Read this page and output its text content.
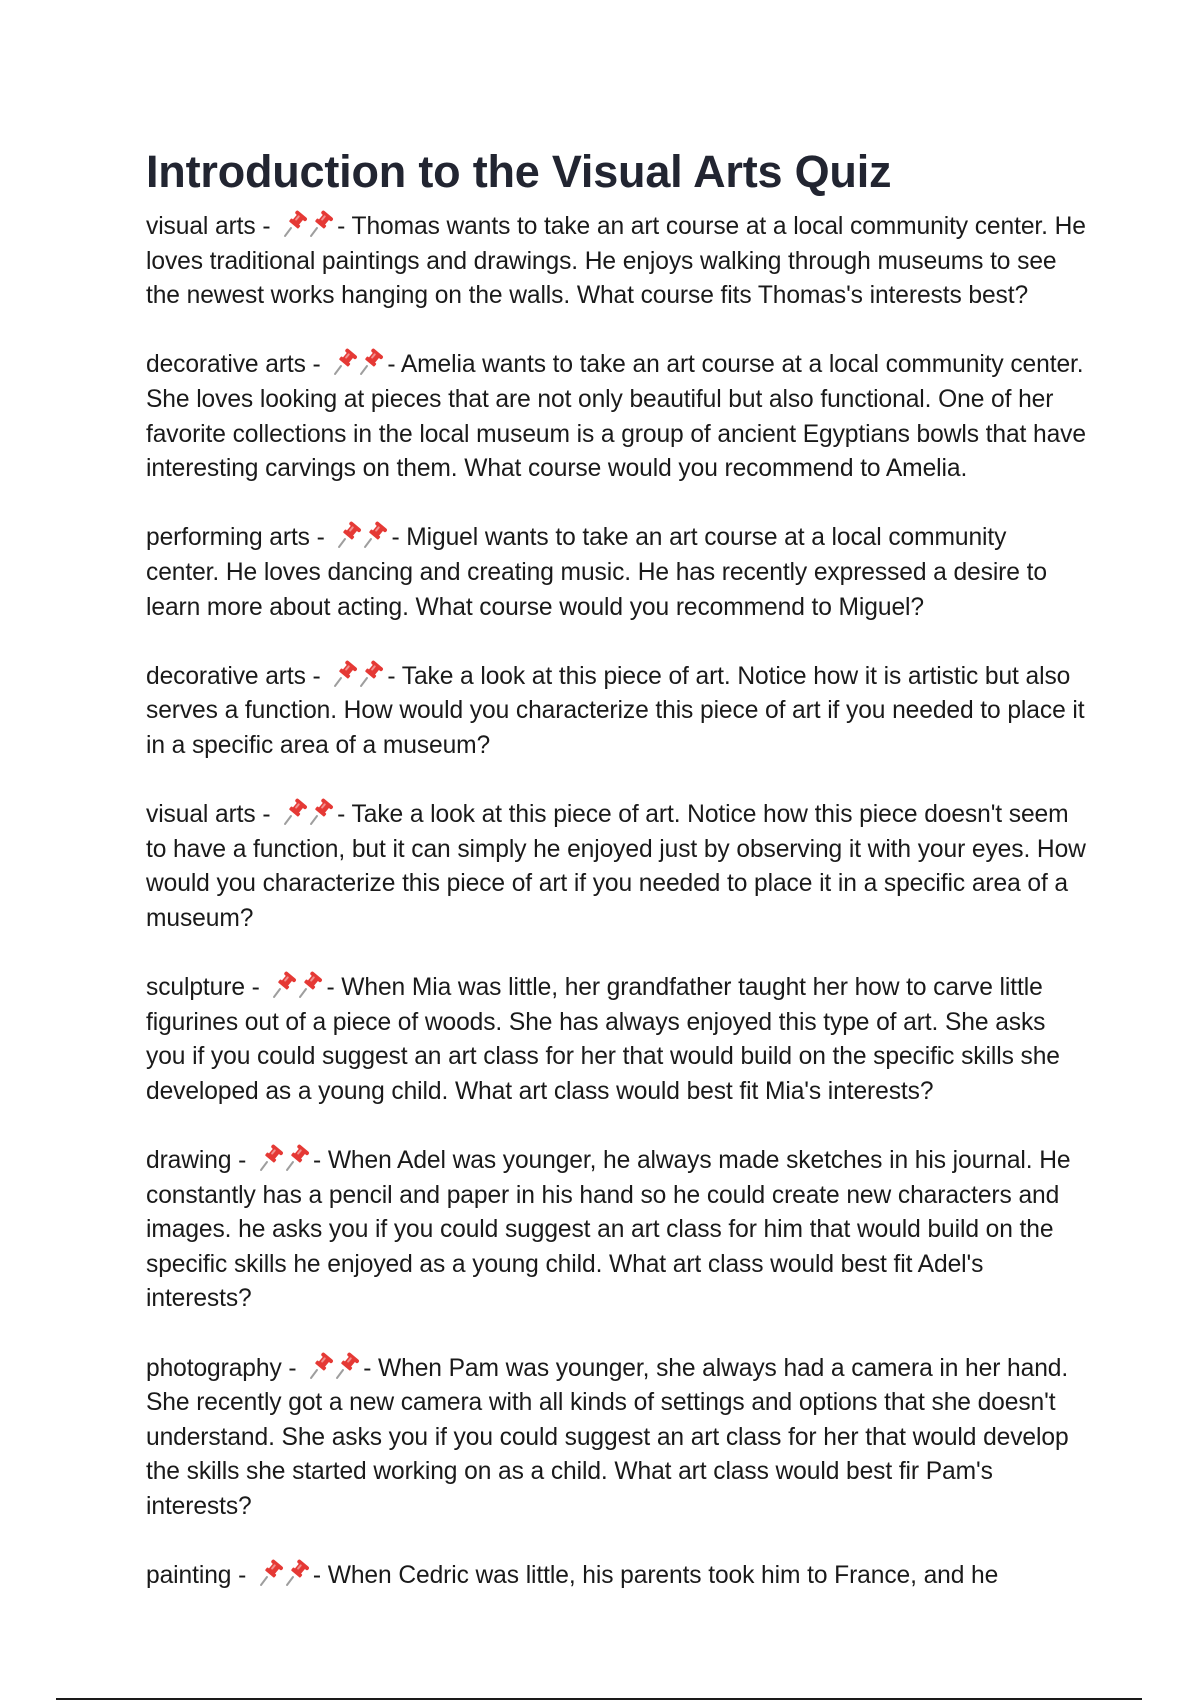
Introduction to the Visual Arts Quiz
visual arts -
- Thomas wants to take an art course at a local community center. He loves traditional paintings and drawings. He enjoys walking through museums to see the newest works hanging on the walls. What course fits Thomas's interests best?
decorative arts -
- Amelia wants to take an art course at a local community center. She loves looking at pieces that are not only beautiful but also functional. One of her favorite collections in the local museum is a group of ancient Egyptians bowls that have interesting carvings on them. What course would you recommend to Amelia.
performing arts -
- Miguel wants to take an art course at a local community center. He loves dancing and creating music. He has recently expressed a desire to learn more about acting. What course would you recommend to Miguel?
decorative arts -
- Take a look at this piece of art. Notice how it is artistic but also serves a function. How would you characterize this piece of art if you needed to place it in a specific area of a museum?
visual arts -
- Take a look at this piece of art. Notice how this piece doesn't seem to have a function, but it can simply he enjoyed just by observing it with your eyes. How would you characterize this piece of art if you needed to place it in a specific area of a museum?
sculpture -
- When Mia was little, her grandfather taught her how to carve little figurines out of a piece of woods. She has always enjoyed this type of art. She asks you if you could suggest an art class for her that would build on the specific skills she developed as a young child. What art class would best fit Mia's interests?
drawing -
- When Adel was younger, he always made sketches in his journal. He constantly has a pencil and paper in his hand so he could create new characters and images. he asks you if you could suggest an art class for him that would build on the specific skills he enjoyed as a young child. What art class would best fit Adel's interests?
photography -
- When Pam was younger, she always had a camera in her hand. She recently got a new camera with all kinds of settings and options that she doesn't understand. She asks you if you could suggest an art class for her that would develop the skills she started working on as a child. What art class would best fir Pam's interests?
painting -
- When Cedric was little, his parents took him to France, and he
